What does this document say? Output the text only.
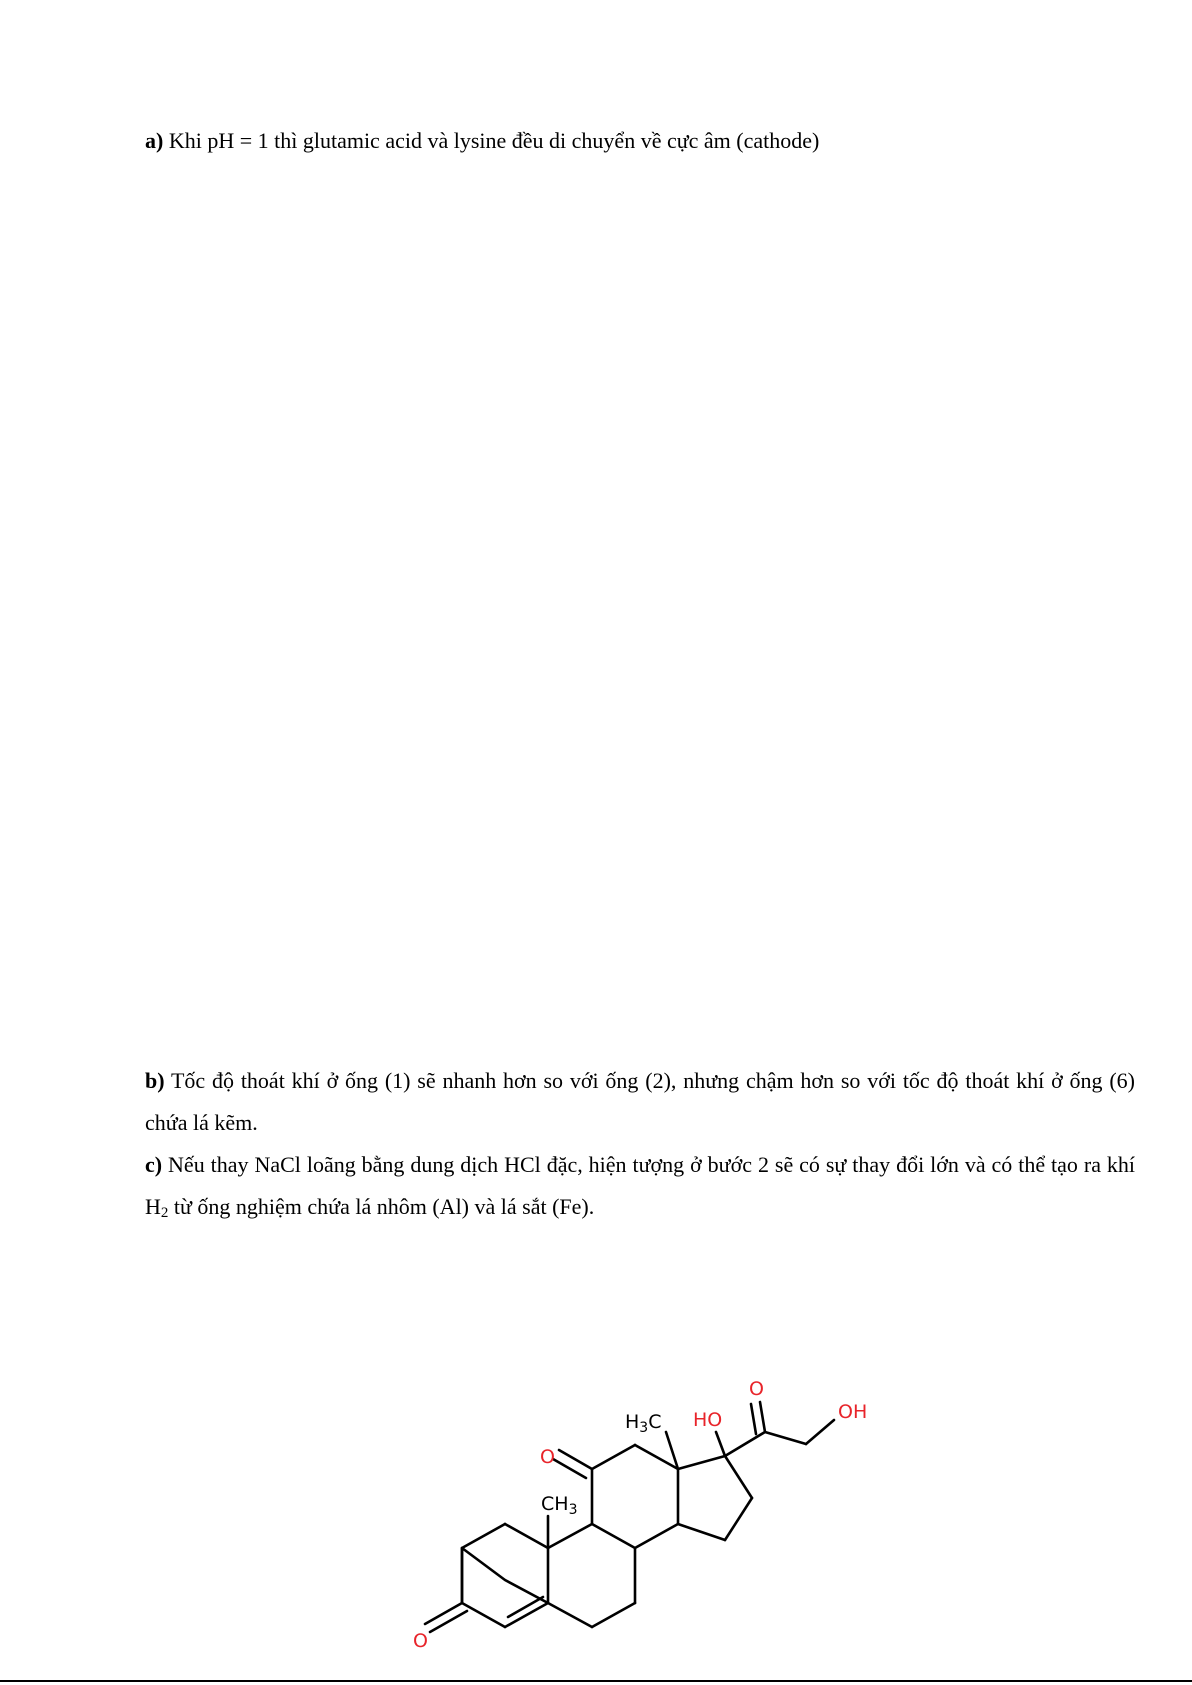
a) Khi pH = 1 thì glutamic acid và lysine đều di chuyển về cực âm (cathode)

b) Tốc độ thoát khí ở ống (1) sẽ nhanh hơn so với ống (2), nhưng chậm hơn so với tốc độ thoát khí ở ống (6) chứa lá kẽm.

c) Nếu thay NaCl loãng bằng dung dịch HCl đặc, hiện tượng ở bước 2 sẽ có sự thay đổi lớn và có thể tạo ra khí $H_2$ từ ống nghiệm chứa lá nhôm (Al) và lá sắt (Fe).

O
$H_3C$ HO	OH
O
$CH_3$
O
